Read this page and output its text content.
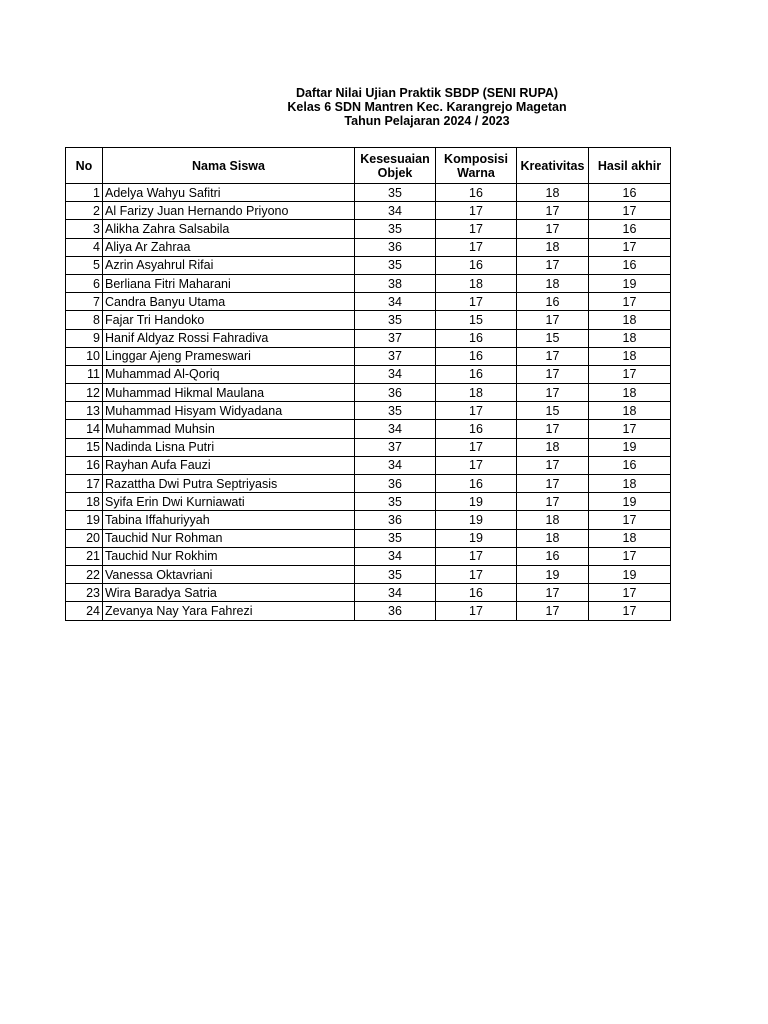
Daftar Nilai Ujian Praktik SBDP (SENI RUPA)
Kelas 6 SDN Mantren Kec. Karangrejo Magetan
Tahun Pelajaran 2024 / 2023
No	Nama Siswa	Kesesuaian Objek	Komposisi Warna	Kreativitas	Hasil akhir
1	Adelya Wahyu Safitri	35	16	18	16
2	Al Farizy Juan Hernando Priyono	34	17	17	17
3	Alikha Zahra Salsabila	35	17	17	16
4	Aliya Ar Zahraa	36	17	18	17
5	Azrin Asyahrul Rifai	35	16	17	16
6	Berliana Fitri Maharani	38	18	18	19
7	Candra Banyu Utama	34	17	16	17
8	Fajar Tri Handoko	35	15	17	18
9	Hanif Aldyaz Rossi Fahradiva	37	16	15	18
10	Linggar Ajeng Prameswari	37	16	17	18
11	Muhammad Al-Qoriq	34	16	17	17
12	Muhammad Hikmal Maulana	36	18	17	18
13	Muhammad Hisyam Widyadana	35	17	15	18
14	Muhammad Muhsin	34	16	17	17
15	Nadinda Lisna Putri	37	17	18	19
16	Rayhan Aufa Fauzi	34	17	17	16
17	Razattha Dwi Putra Septriyasis	36	16	17	18
18	Syifa Erin Dwi Kurniawati	35	19	17	19
19	Tabina Iffahuriyyah	36	19	18	17
20	Tauchid Nur Rohman	35	19	18	18
21	Tauchid Nur Rokhim	34	17	16	17
22	Vanessa Oktavriani	35	17	19	19
23	Wira Baradya Satria	34	16	17	17
24	Zevanya Nay Yara Fahrezi	36	17	17	17
